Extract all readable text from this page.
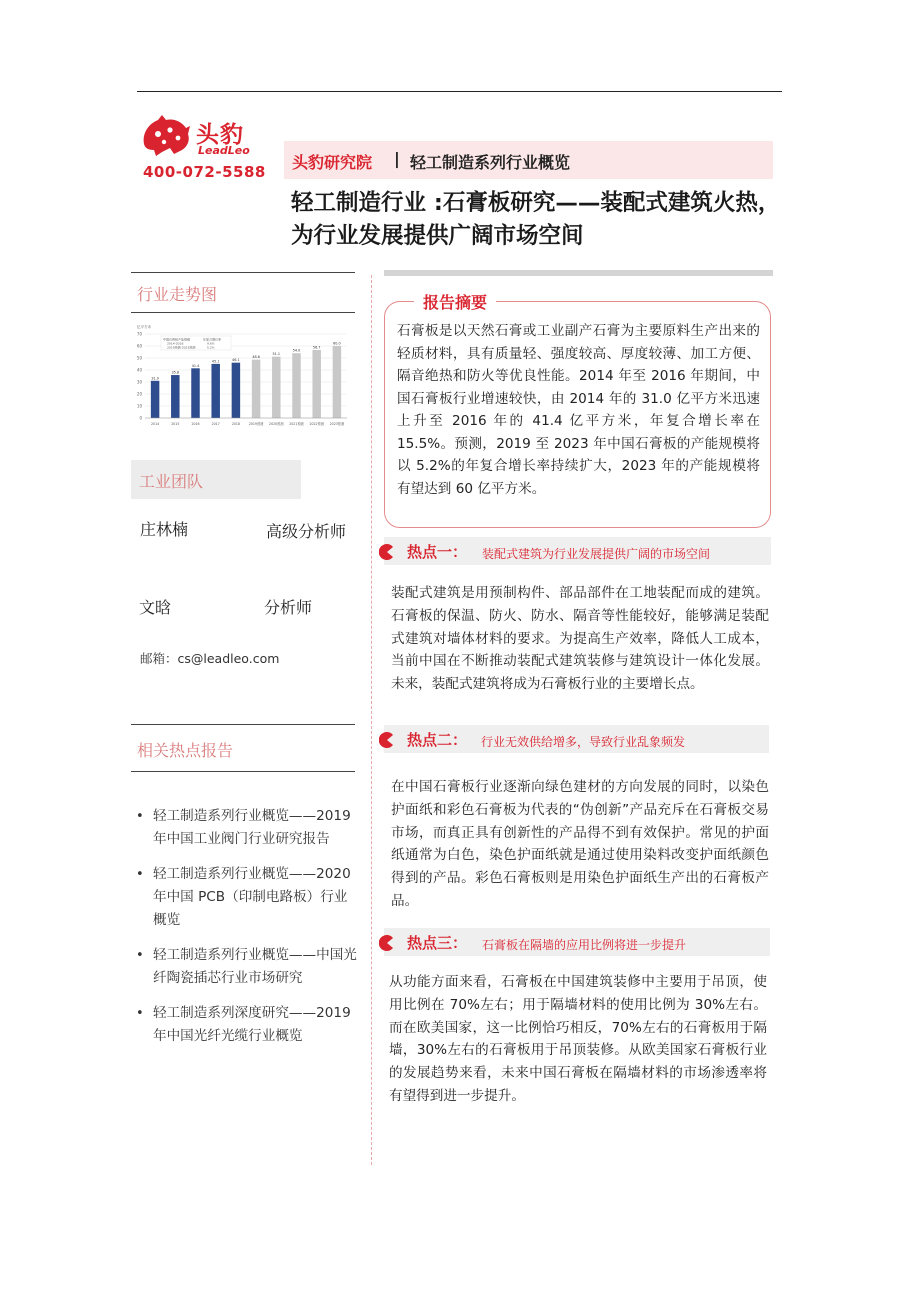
头豹
LeadLeo
400-072-5588 头豹研究院 | 轻工制造系列行业概览
轻工制造行业 :石膏板研究——装配式建筑火热，为行业发展提供广阔市场空间
行业走势图
亿平方米
0
10
20
30
40
50
60
70
中国石膏板产能规模	年复合增长率
2014-2018	9.6%
2019预测-2023预测	5.2%
31.0
2014
35.8
2015
41.4
2016
45.1
2017
46.1
2018
48.6
2019预测
51.1
2020预测
54.0
2021预测
56.7
2022预测
60.0
2023预测
工业团队
庄林楠	高级分析师
文晗	分析师
邮箱：cs@leadleo.com
相关热点报告
• 轻工制造系列行业概览——2019 年中国工业阀门行业研究报告
• 轻工制造系列行业概览——2020 年中国 PCB（印制电路板）行业概览
• 轻工制造系列行业概览——中国光纤陶瓷插芯行业市场研究
• 轻工制造系列深度研究——2019 年中国光纤光缆行业概览
报告摘要
石膏板是以天然石膏或工业副产石膏为主要原料生产出来的轻质材料，具有质量轻、强度较高、厚度较薄、加工方便、隔音绝热和防火等优良性能。2014 年至 2016 年期间，中国石膏板行业增速较快，由 2014 年的 31.0 亿平方米迅速上升至 2016 年的 41.4 亿平方米，年复合增长率在 15.5%。预测，2019 至 2023 年中国石膏板的产能规模将以 5.2%的年复合增长率持续扩大，2023 年的产能规模将有望达到 60 亿平方米。
热点一： 装配式建筑为行业发展提供广阔的市场空间
装配式建筑是用预制构件、部品部件在工地装配而成的建筑。石膏板的保温、防火、防水、隔音等性能较好，能够满足装配式建筑对墙体材料的要求。为提高生产效率，降低人工成本，当前中国在不断推动装配式建筑装修与建筑设计一体化发展。未来，装配式建筑将成为石膏板行业的主要增长点。
热点二： 行业无效供给增多，导致行业乱象频发
在中国石膏板行业逐渐向绿色建材的方向发展的同时，以染色护面纸和彩色石膏板为代表的“伪创新”产品充斥在石膏板交易市场，而真正具有创新性的产品得不到有效保护。常见的护面纸通常为白色，染色护面纸就是通过使用染料改变护面纸颜色得到的产品。彩色石膏板则是用染色护面纸生产出的石膏板产品。
热点三： 石膏板在隔墙的应用比例将进一步提升
从功能方面来看，石膏板在中国建筑装修中主要用于吊顶，使用比例在 70%左右；用于隔墙材料的使用比例为 30%左右。而在欧美国家，这一比例恰巧相反，70%左右的石膏板用于隔墙，30%左右的石膏板用于吊顶装修。从欧美国家石膏板行业的发展趋势来看，未来中国石膏板在隔墙材料的市场渗透率将有望得到进一步提升。
